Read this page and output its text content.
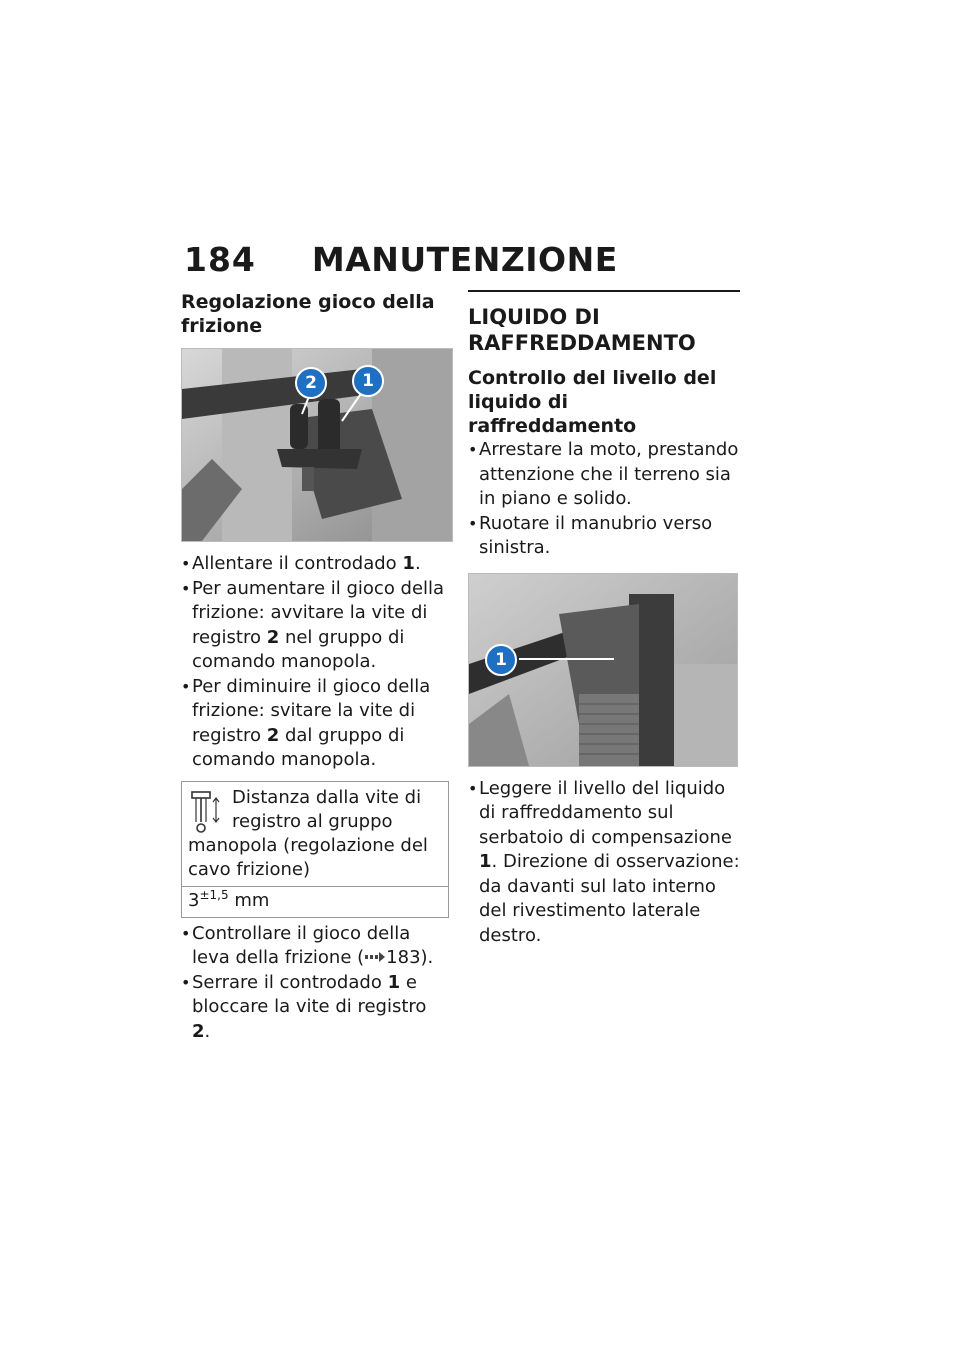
184 MANUTENZIONE

Regolazione gioco della frizione

2	1
• Allentare il controdado 1.
• Per aumentare il gioco della frizione: avvitare la vite di registro 2 nel gruppo di comando manopola.
• Per diminuire il gioco della frizione: svitare la vite di registro 2 dal gruppo di comando manopola.
Distanza dalla vite di registro al gruppo manopola (regolazione del cavo frizione)
$3^{\pm 1,5}$ mm
• Controllare il gioco della leva della frizione ( 183).
• Serrare il controdado 1 e bloccare la vite di registro 2.

LIQUIDO DI RAFFREDDAMENTO

Controllo del livello del liquido di raffreddamento

• Arrestare la moto, prestando attenzione che il terreno sia in piano e solido.
• Ruotare il manubrio verso sinistra.
1
• Leggere il livello del liquido di raffreddamento sul serbatoio di compensazione 1. Direzione di osservazione: da davanti sul lato interno del rivestimento laterale destro.
